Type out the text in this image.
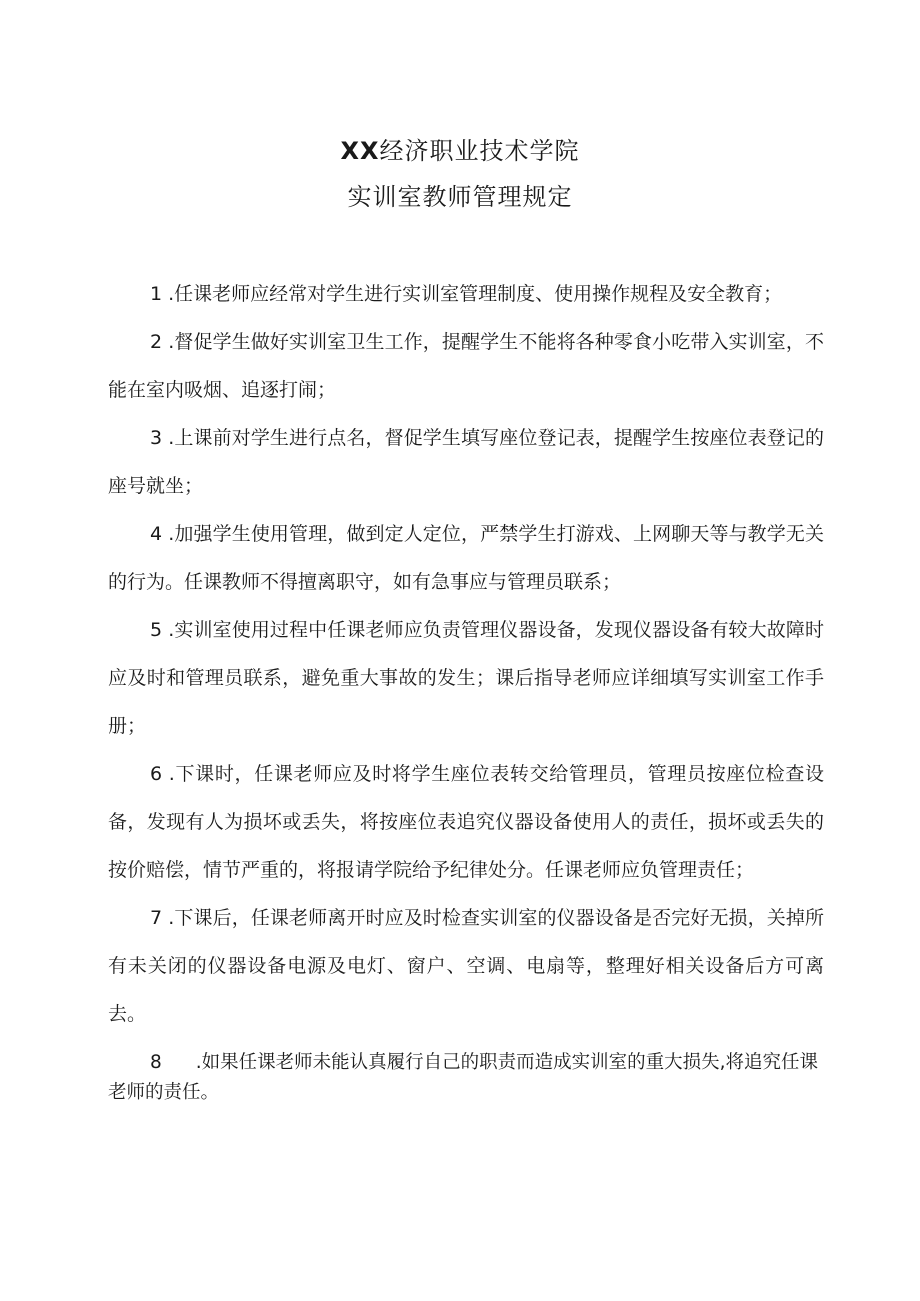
XX经济职业技术学院
实训室教师管理规定

1 .任课老师应经常对学生进行实训室管理制度、使用操作规程及安全教育；

2 .督促学生做好实训室卫生工作，提醒学生不能将各种零食小吃带入实训室，不能在室内吸烟、追逐打闹；

3 .上课前对学生进行点名，督促学生填写座位登记表，提醒学生按座位表登记的座号就坐；

4 .加强学生使用管理，做到定人定位，严禁学生打游戏、上网聊天等与教学无关的行为。任课教师不得擅离职守，如有急事应与管理员联系；

5 .实训室使用过程中任课老师应负责管理仪器设备，发现仪器设备有较大故障时应及时和管理员联系，避免重大事故的发生；课后指导老师应详细填写实训室工作手册；

6 .下课时，任课老师应及时将学生座位表转交给管理员，管理员按座位检查设备，发现有人为损坏或丢失，将按座位表追究仪器设备使用人的责任，损坏或丢失的按价赔偿，情节严重的，将报请学院给予纪律处分。任课老师应负管理责任；

7 .下课后，任课老师离开时应及时检查实训室的仪器设备是否完好无损，关掉所有未关闭的仪器设备电源及电灯、窗户、空调、电扇等，整理好相关设备后方可离去。

8 .如果任课老师未能认真履行自己的职责而造成实训室的重大损失,将追究任课老师的责任。
